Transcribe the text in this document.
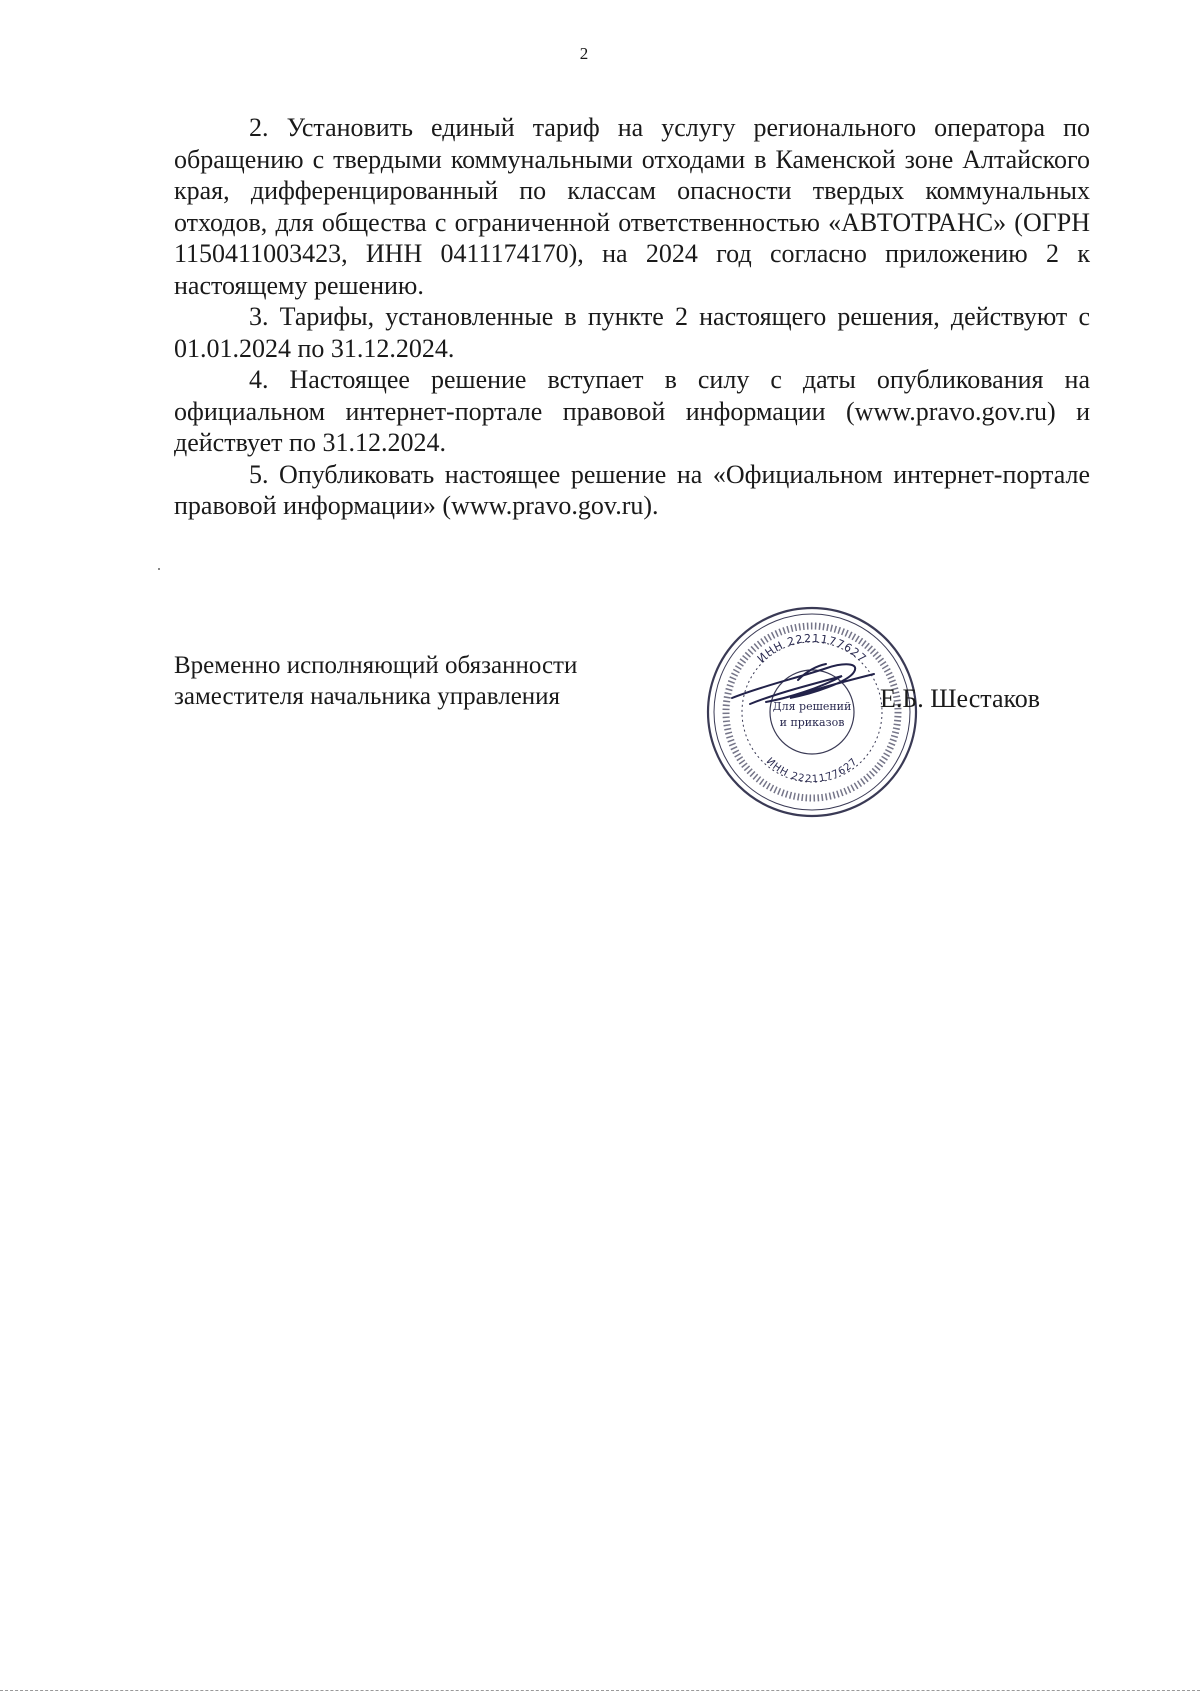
2

2. Установить единый тариф на услугу регионального оператора по обращению с твердыми коммунальными отходами в Каменской зоне Алтайского края, дифференцированный по классам опасности твердых коммунальных отходов, для общества с ограниченной ответственностью «АВТОТРАНС» (ОГРН 1150411003423, ИНН 0411174170), на 2024 год согласно приложению 2 к настоящему решению.

3. Тарифы, установленные в пункте 2 настоящего решения, действуют с 01.01.2024 по 31.12.2024.

4. Настоящее решение вступает в силу с даты опубликования на официальном интернет-портале правовой информации (www.pravo.gov.ru) и действует по 31.12.2024.

5. Опубликовать настоящее решение на «Официальном интернет-портале правовой информации» (www.pravo.gov.ru).

Временно исполняющий обязанности
заместителя начальника управления
ИНН 2221177627
ИНН 2221177627
Для решений
и приказов
Е.Б. Шестаков
